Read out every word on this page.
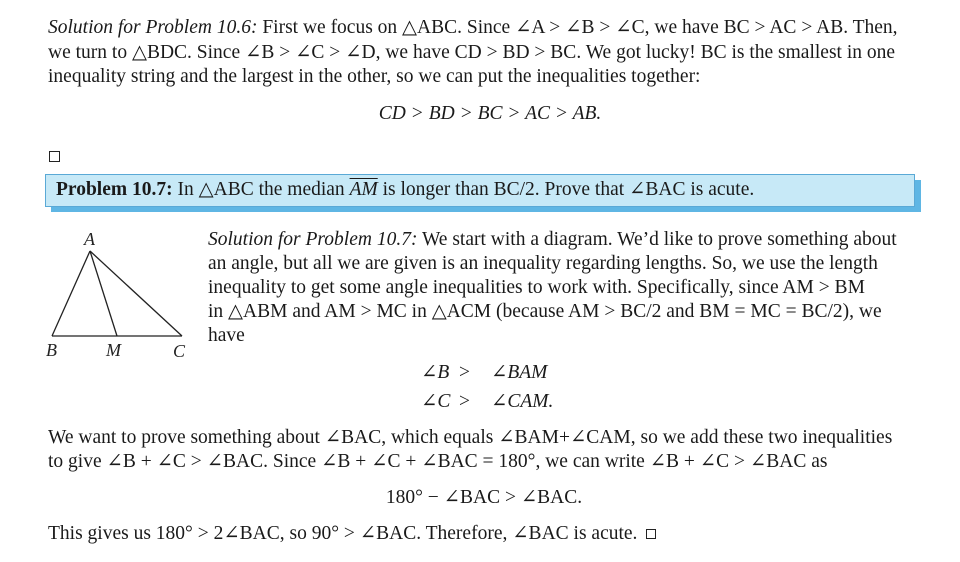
Solution for Problem 10.6: First we focus on △ABC. Since ∠A > ∠B > ∠C, we have BC > AC > AB. Then,
we turn to △BDC. Since ∠B > ∠C > ∠D, we have CD > BD > BC. We got lucky! BC is the smallest in one
inequality string and the largest in the other, so we can put the inequalities together:
CD > BD > BC > AC > AB.
Problem 10.7: In △ABC the median $\overline{AM}$ is longer than BC/2. Prove that ∠BAC is acute.
A
B	M	C
Solution for Problem 10.7: We start with a diagram. We’d like to prove something about
an angle, but all we are given is an inequality regarding lengths. So, we use the length
inequality to get some angle inequalities to work with. Specifically, since AM > BM
in △ABM and AM > MC in △ACM (because AM > BC/2 and BM = MC = BC/2), we
have
∠B > ∠BAM
∠C > ∠CAM.
We want to prove something about ∠BAC, which equals ∠BAM+∠CAM, so we add these two inequalities
to give ∠B + ∠C > ∠BAC. Since ∠B + ∠C + ∠BAC = 180°, we can write ∠B + ∠C > ∠BAC as
180° − ∠BAC > ∠BAC.
This gives us 180° > 2∠BAC, so 90° > ∠BAC. Therefore, ∠BAC is acute.
